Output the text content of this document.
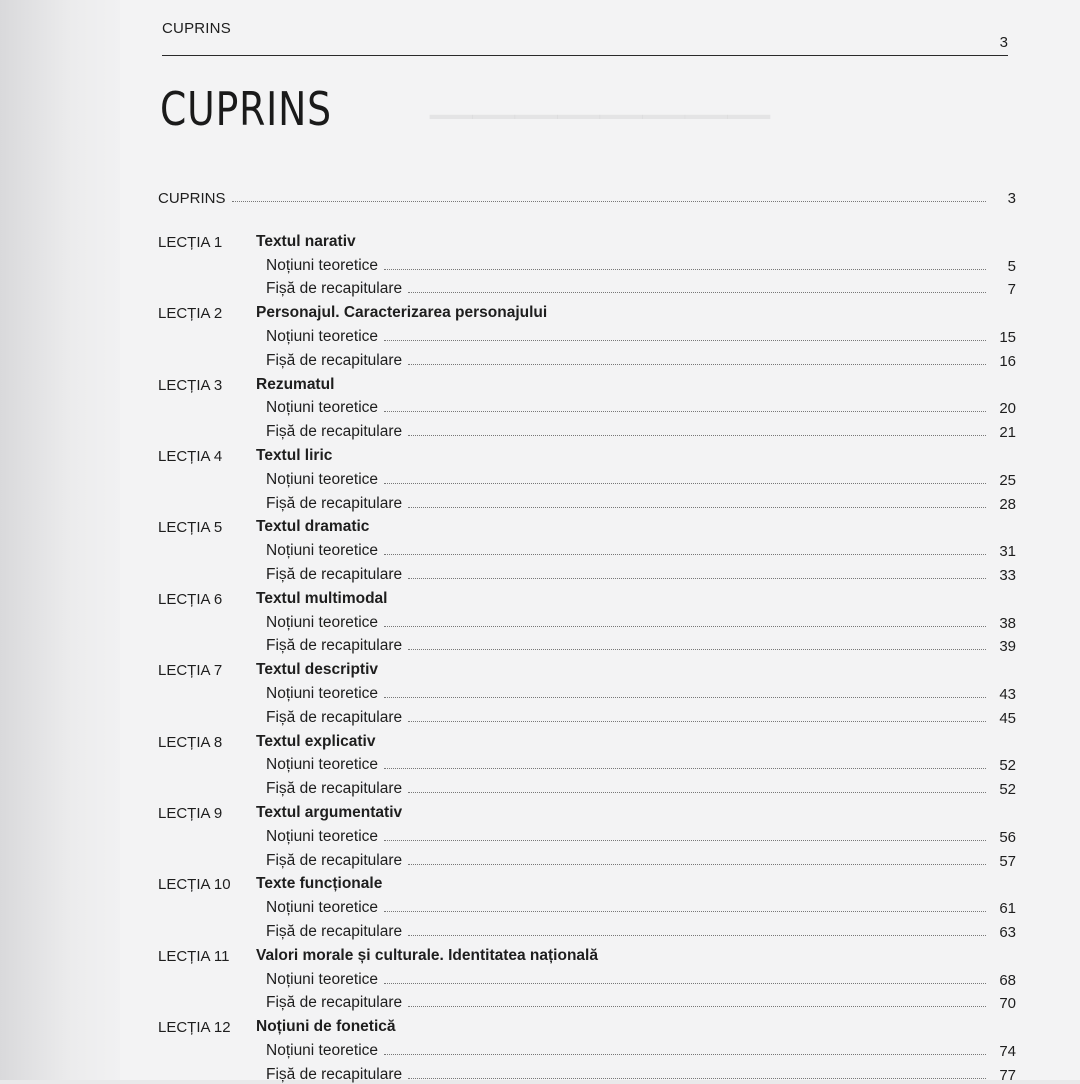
CUPRINS
3
CUPRINS
CUPRINS	3
LECȚIA 1	Textul narativ
Noțiuni teoretice	5
Fișă de recapitulare	7
LECȚIA 2	Personajul. Caracterizarea personajului
Noțiuni teoretice	15
Fișă de recapitulare	16
LECȚIA 3	Rezumatul
Noțiuni teoretice	20
Fișă de recapitulare	21
LECȚIA 4	Textul liric
Noțiuni teoretice	25
Fișă de recapitulare	28
LECȚIA 5	Textul dramatic
Noțiuni teoretice	31
Fișă de recapitulare	33
LECȚIA 6	Textul multimodal
Noțiuni teoretice	38
Fișă de recapitulare	39
LECȚIA 7	Textul descriptiv
Noțiuni teoretice	43
Fișă de recapitulare	45
LECȚIA 8	Textul explicativ
Noțiuni teoretice	52
Fișă de recapitulare	52
LECȚIA 9	Textul argumentativ
Noțiuni teoretice	56
Fișă de recapitulare	57
LECȚIA 10	Texte funcționale
Noțiuni teoretice	61
Fișă de recapitulare	63
LECȚIA 11	Valori morale și culturale. Identitatea națională
Noțiuni teoretice	68
Fișă de recapitulare	70
LECȚIA 12	Noțiuni de fonetică
Noțiuni teoretice	74
Fișă de recapitulare	77
